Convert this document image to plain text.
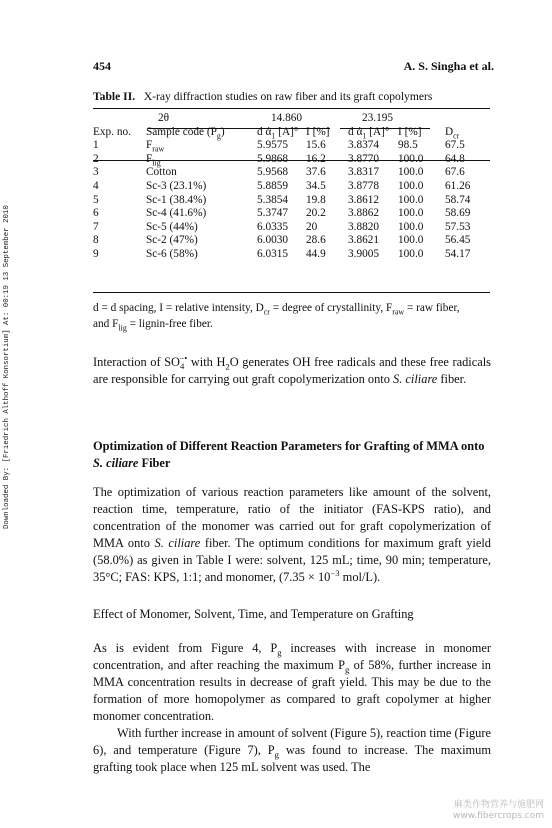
Downloaded By: [Friedrich Althoff Konsortium] At: 00:19 13 September 2010
454	A. S. Singha et al.
Table II. X-ray diffraction studies on raw fiber and its graft copolymers
	2θ	14.860		23.195		
Exp. no.	Sample code $(P_g)$	d $ά_1$ [A]°	I [%]	d $ά_1$ [A]°	I [%]	$D_{cr}$
1	$F_{raw}$	5.9575	15.6	3.8374	98.5	67.5
2	$F_{lig}$	5.9868	16.2	3.8770	100.0	64.8
3	Cotton	5.9568	37.6	3.8317	100.0	67.6
4	Sc-3 (23.1%)	5.8859	34.5	3.8778	100.0	61.26
5	Sc-1 (38.4%)	5.3854	19.8	3.8612	100.0	58.74
6	Sc-4 (41.6%)	5.3747	20.2	3.8862	100.0	58.69
7	Sc-5 (44%)	6.0335	20	3.8820	100.0	57.53
8	Sc-2 (47%)	6.0030	28.6	3.8621	100.0	56.45
9	Sc-6 (58%)	6.0315	44.9	3.9005	100.0	54.17
d = d spacing, I = relative intensity, $D_{cr}$ = degree of crystallinity, $F_{raw}$ = raw fiber,
and $F_{lig}$ = lignin-free fiber.
Interaction of $SO_4^{-•}$ with $H_2O$ generates OH free radicals and these free radicals are responsible for carrying out graft copolymerization onto S. ciliare fiber.
Optimization of Different Reaction Parameters for Grafting of MMA onto S. ciliare Fiber
The optimization of various reaction parameters like amount of the solvent, reaction time, temperature, ratio of the initiator (FAS-KPS ratio), and concentration of the monomer was carried out for graft copolymerization of MMA onto S. ciliare fiber. The optimum conditions for maximum graft yield (58.0%) as given in Table I were: solvent, 125 mL; time, 90 min; temperature, 35°C; FAS: KPS, 1:1; and monomer, ($7.35 \times 10^{-3}$ mol/L).
Effect of Monomer, Solvent, Time, and Temperature on Grafting
As is evident from Figure 4, $P_g$ increases with increase in monomer concentration, and after reaching the maximum $P_g$ of 58%, further increase in MMA concentration results in decrease of graft yield. This may be due to the formation of more homopolymer as compared to graft copolymer at higher monomer concentration.
With further increase in amount of solvent (Figure 5), reaction time (Figure 6), and temperature (Figure 7), $P_g$ was found to increase. The maximum grafting took place when 125 mL solvent was used. The
麻类作物营养与施肥网
www.fibercrops.com
